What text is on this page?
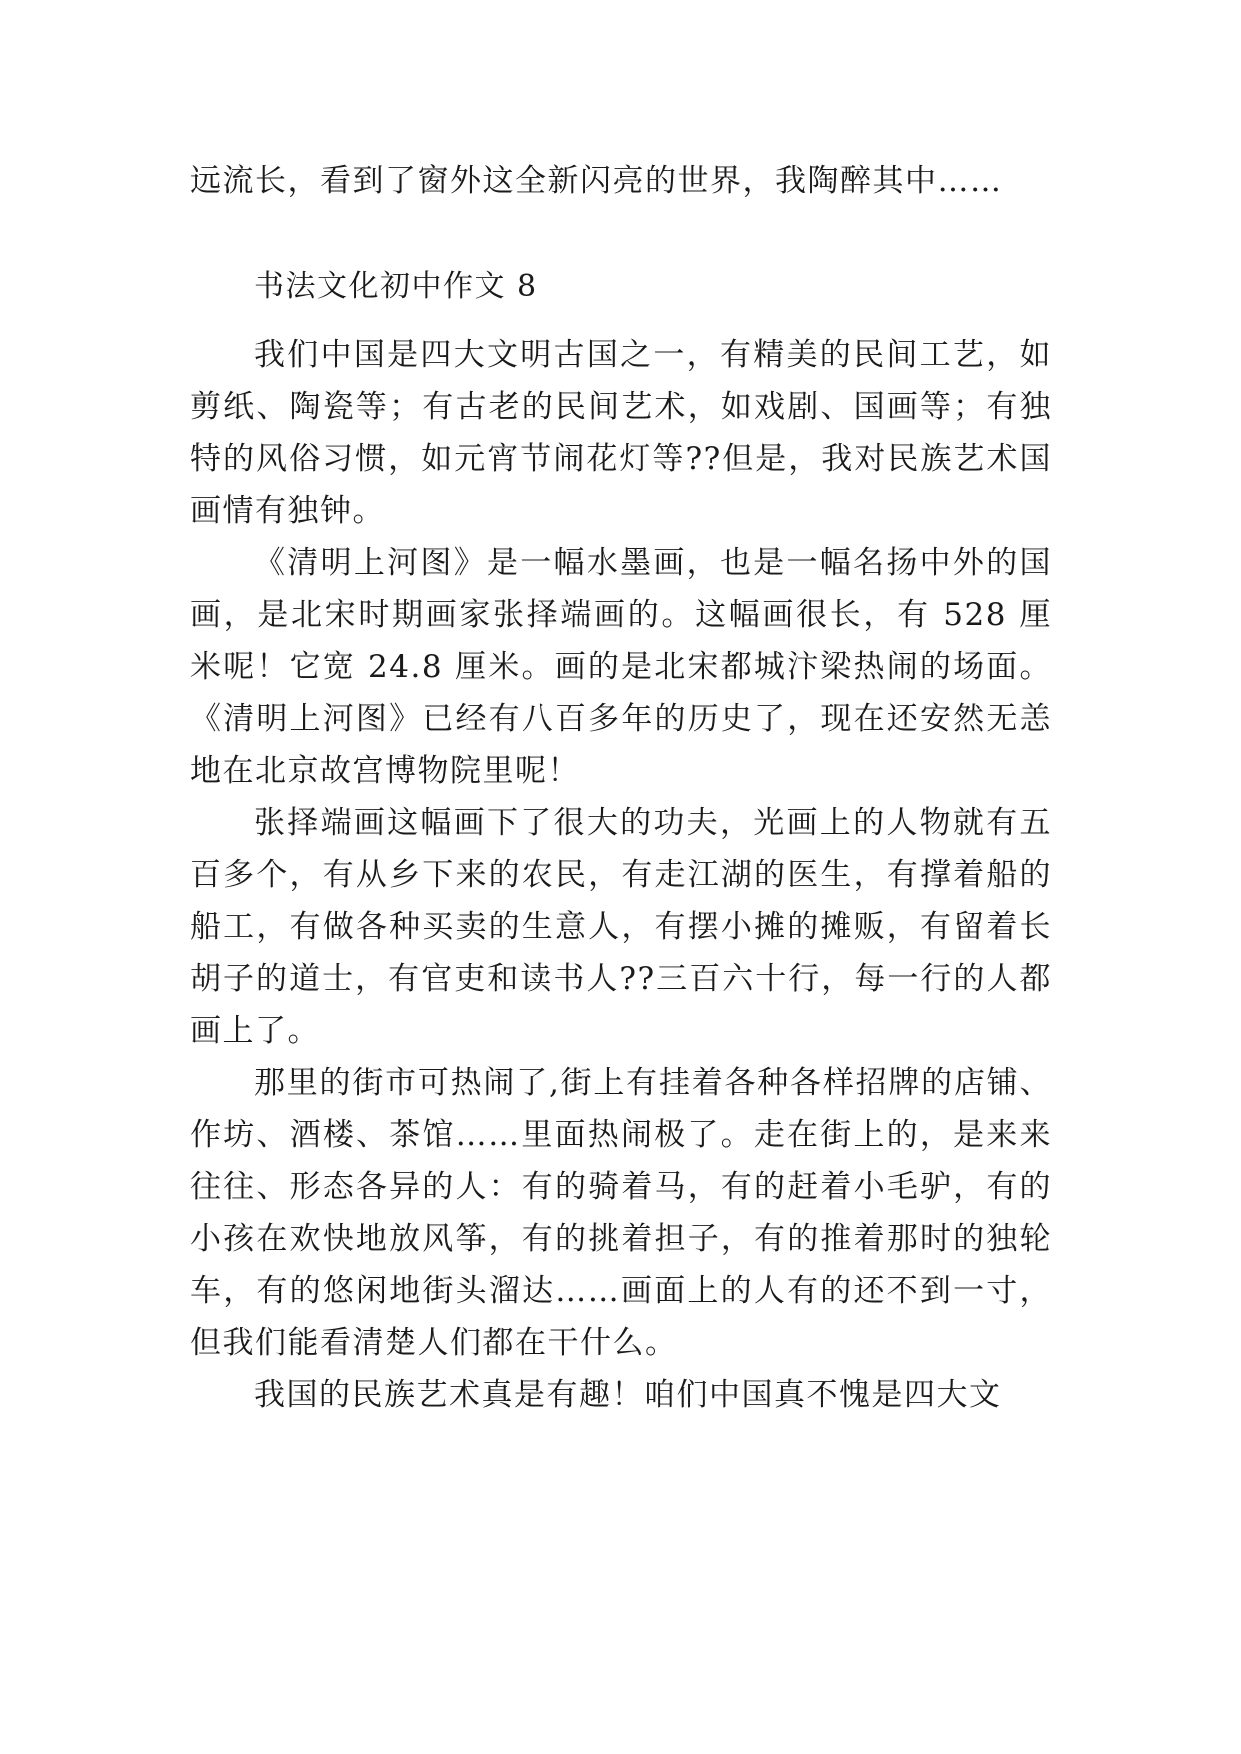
远流长，看到了窗外这全新闪亮的世界，我陶醉其中……

书法文化初中作文 8

我们中国是四大文明古国之一，有精美的民间工艺，如剪纸、陶瓷等；有古老的民间艺术，如戏剧、国画等；有独特的风俗习惯，如元宵节闹花灯等??但是，我对民族艺术国画情有独钟。

《清明上河图》是一幅水墨画，也是一幅名扬中外的国画，是北宋时期画家张择端画的。这幅画很长，有 528 厘米呢！它宽 24.8 厘米。画的是北宋都城汴梁热闹的场面。《清明上河图》已经有八百多年的历史了，现在还安然无恙地在北京故宫博物院里呢！

张择端画这幅画下了很大的功夫，光画上的人物就有五百多个，有从乡下来的农民，有走江湖的医生，有撑着船的船工，有做各种买卖的生意人，有摆小摊的摊贩，有留着长胡子的道士，有官吏和读书人??三百六十行，每一行的人都画上了。

那里的街市可热闹了,街上有挂着各种各样招牌的店铺、作坊、酒楼、茶馆……里面热闹极了。走在街上的，是来来往往、形态各异的人：有的骑着马，有的赶着小毛驴，有的小孩在欢快地放风筝，有的挑着担子，有的推着那时的独轮车，有的悠闲地街头溜达……画面上的人有的还不到一寸，但我们能看清楚人们都在干什么。

我国的民族艺术真是有趣！咱们中国真不愧是四大文
